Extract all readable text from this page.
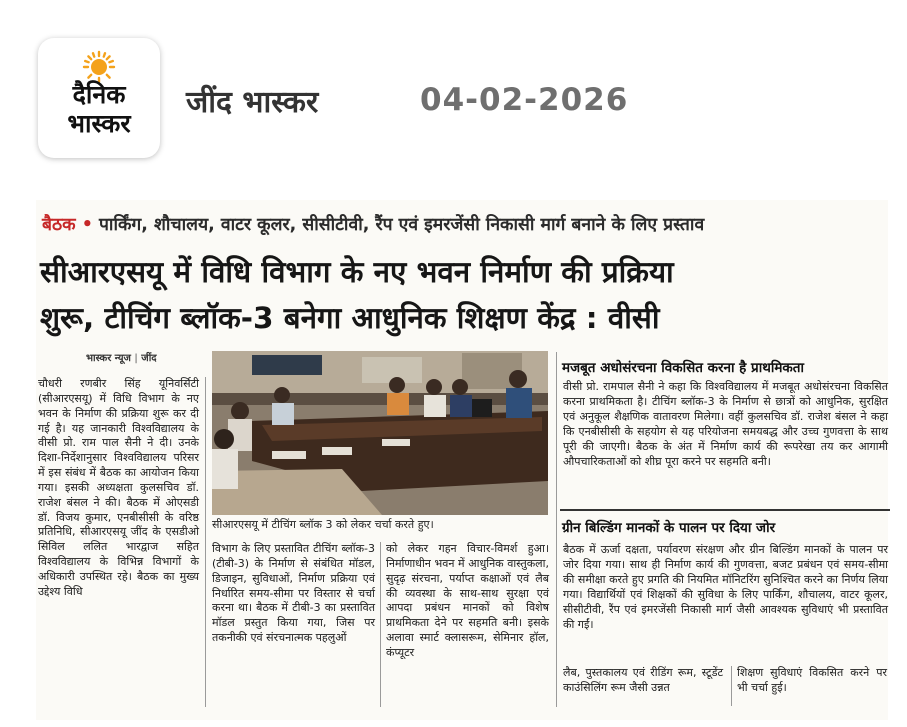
दैनिक
भास्कर
जींद भास्कर	04-02-2026
बैठक • पार्किंग, शौचालय, वाटर कूलर, सीसीटीवी, रैंप एवं इमरजेंसी निकासी मार्ग बनाने के लिए प्रस्ताव
सीआरएसयू में विधि विभाग के नए भवन निर्माण की प्रक्रिया
शुरू, टीचिंग ब्लॉक-3 बनेगा आधुनिक शिक्षण केंद्र : वीसी
भास्कर न्यूज | जींद
सीआरएसयू में टीचिंग ब्लॉक 3 को लेकर चर्चा करते हुए।
चौधरी रणबीर सिंह यूनिवर्सिटी (सीआरएसयू) में विधि विभाग के नए भवन के निर्माण की प्रक्रिया शुरू कर दी गई है। यह जानकारी विश्वविद्यालय के वीसी प्रो. राम पाल सैनी ने दी। उनके दिशा-निर्देशानुसार विश्वविद्यालय परिसर में इस संबंध में बैठक का आयोजन किया गया। इसकी अध्यक्षता कुलसचिव डॉ. राजेश बंसल ने की। बैठक में ओएसडी डॉ. विजय कुमार, एनबीसीसी के वरिष्ठ प्रतिनिधि, सीआरएसयू जींद के एसडीओ सिविल ललित भारद्वाज सहित विश्वविद्यालय के विभिन्न विभागों के अधिकारी उपस्थित रहे। बैठक का मुख्य उद्देश्य विधि
विभाग के लिए प्रस्तावित टीचिंग ब्लॉक-3 (टीबी-3) के निर्माण से संबंधित मॉडल, डिजाइन, सुविधाओं, निर्माण प्रक्रिया एवं निर्धारित समय-सीमा पर विस्तार से चर्चा करना था। बैठक में टीबी-3 का प्रस्तावित मॉडल प्रस्तुत किया गया, जिस पर तकनीकी एवं संरचनात्मक पहलुओं
को लेकर गहन विचार-विमर्श हुआ। निर्माणाधीन भवन में आधुनिक वास्तुकला, सुदृढ़ संरचना, पर्याप्त कक्षाओं एवं लैब की व्यवस्था के साथ-साथ सुरक्षा एवं आपदा प्रबंधन मानकों को विशेष प्राथमिकता देने पर सहमति बनी। इसके अलावा स्मार्ट क्लासरूम, सेमिनार हॉल, कंप्यूटर
मजबूत अधोसंरचना विकसित करना है प्राथमिकता
वीसी प्रो. रामपाल सैनी ने कहा कि विश्वविद्यालय में मजबूत अधोसंरचना विकसित करना प्राथमिकता है। टीचिंग ब्लॉक-3 के निर्माण से छात्रों को आधुनिक, सुरक्षित एवं अनुकूल शैक्षणिक वातावरण मिलेगा। वहीं कुलसचिव डॉ. राजेश बंसल ने कहा कि एनबीसीसी के सहयोग से यह परियोजना समयबद्ध और उच्च गुणवत्ता के साथ पूरी की जाएगी। बैठक के अंत में निर्माण कार्य की रूपरेखा तय कर आगामी औपचारिकताओं को शीघ्र पूरा करने पर सहमति बनी।
ग्रीन बिल्डिंग मानकों के पालन पर दिया जोर
बैठक में ऊर्जा दक्षता, पर्यावरण संरक्षण और ग्रीन बिल्डिंग मानकों के पालन पर जोर दिया गया। साथ ही निर्माण कार्य की गुणवत्ता, बजट प्रबंधन एवं समय-सीमा की समीक्षा करते हुए प्रगति की नियमित मॉनिटरिंग सुनिश्चित करने का निर्णय लिया गया। विद्यार्थियों एवं शिक्षकों की सुविधा के लिए पार्किंग, शौचालय, वाटर कूलर, सीसीटीवी, रैंप एवं इमरजेंसी निकासी मार्ग जैसी आवश्यक सुविधाएं भी प्रस्तावित की गईं।
लैब, पुस्तकालय एवं रीडिंग रूम, स्टूडेंट काउंसिलिंग रूम जैसी उन्नत
शिक्षण सुविधाएं विकसित करने पर भी चर्चा हुई।
